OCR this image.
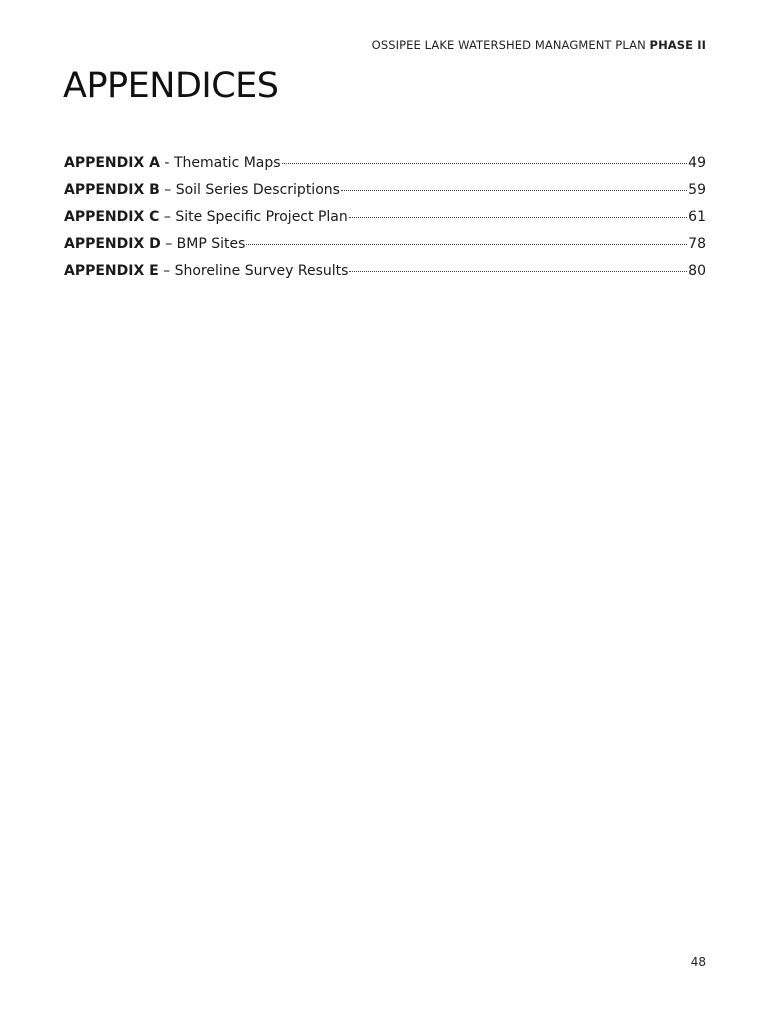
OSSIPEE LAKE WATERSHED MANAGMENT PLAN PHASE II
APPENDICES
APPENDIX A - Thematic Maps	49
APPENDIX B – Soil Series Descriptions	59
APPENDIX C – Site Specific Project Plan	61
APPENDIX D – BMP Sites	78
APPENDIX E – Shoreline Survey Results	80
48
